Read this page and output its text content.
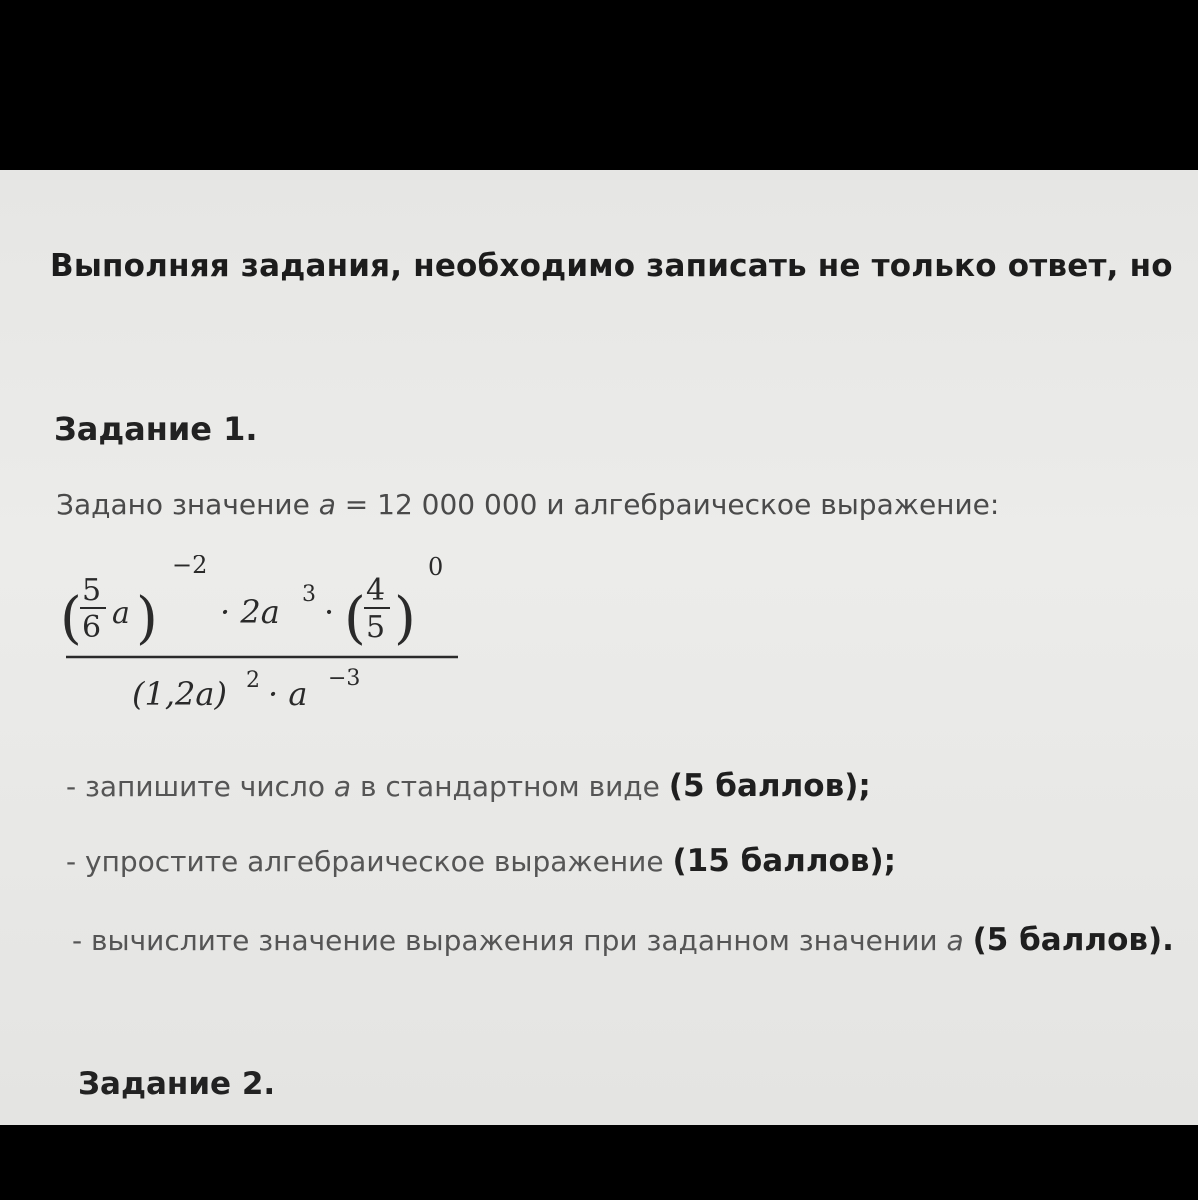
Выполняя задания, необходимо записать не только ответ, но
Задание 1.
Задано значение a = 12 000 000 и алгебраическое выражение:
( 5
6 a )
−2
· 2a 3 · ( 4
5 )
0
(1,2a) 2 · a −3
- запишите число a в стандартном виде (5 баллов);
- упростите алгебраическое выражение (15 баллов);
- вычислите значение выражения при заданном значении a (5 баллов).
Задание 2.
